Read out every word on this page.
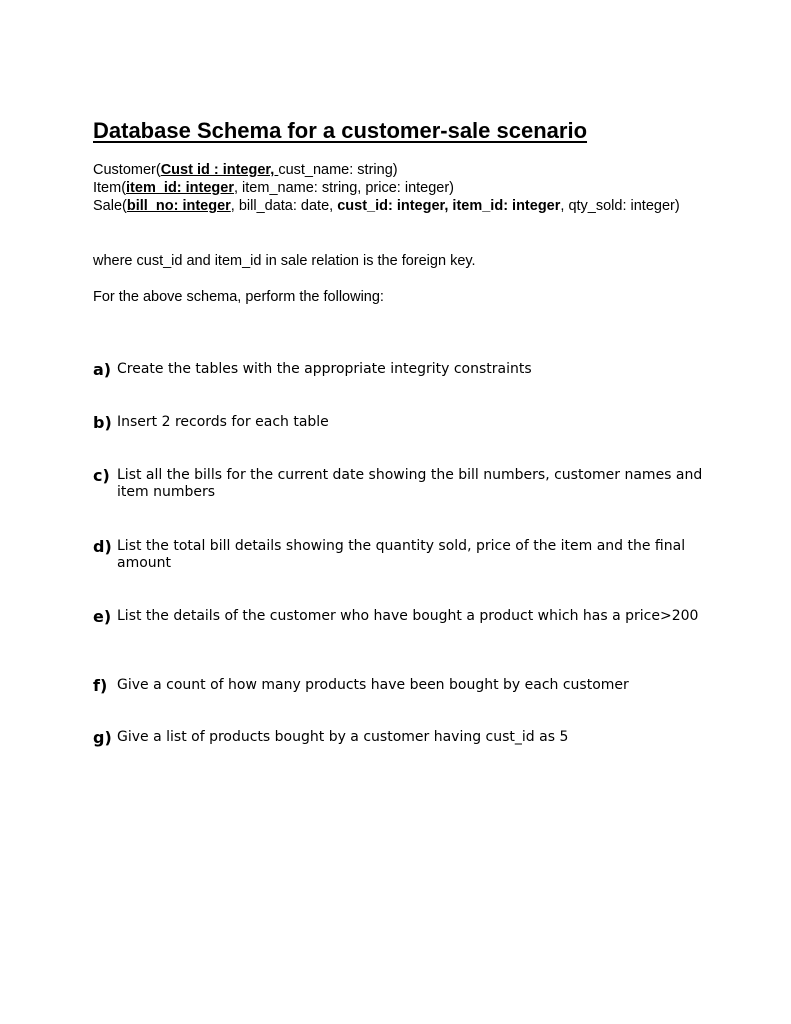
Database Schema for a customer-sale scenario
Customer(Cust id : integer, cust_name: string)
Item(item_id: integer, item_name: string, price: integer)
Sale(bill_no: integer, bill_data: date, cust_id: integer, item_id: integer, qty_sold: integer)
where cust_id and item_id in sale relation is the foreign key.
For the above schema, perform the following:
a) Create the tables with the appropriate integrity constraints
b) Insert 2 records for each table
c) List all the bills for the current date showing the bill numbers, customer names and item numbers
d) List the total bill details showing the quantity sold, price of the item and the final amount
e) List the details of the customer who have bought a product which has a price>200
f) Give a count of how many products have been bought by each customer
g) Give a list of products bought by a customer having cust_id as 5
